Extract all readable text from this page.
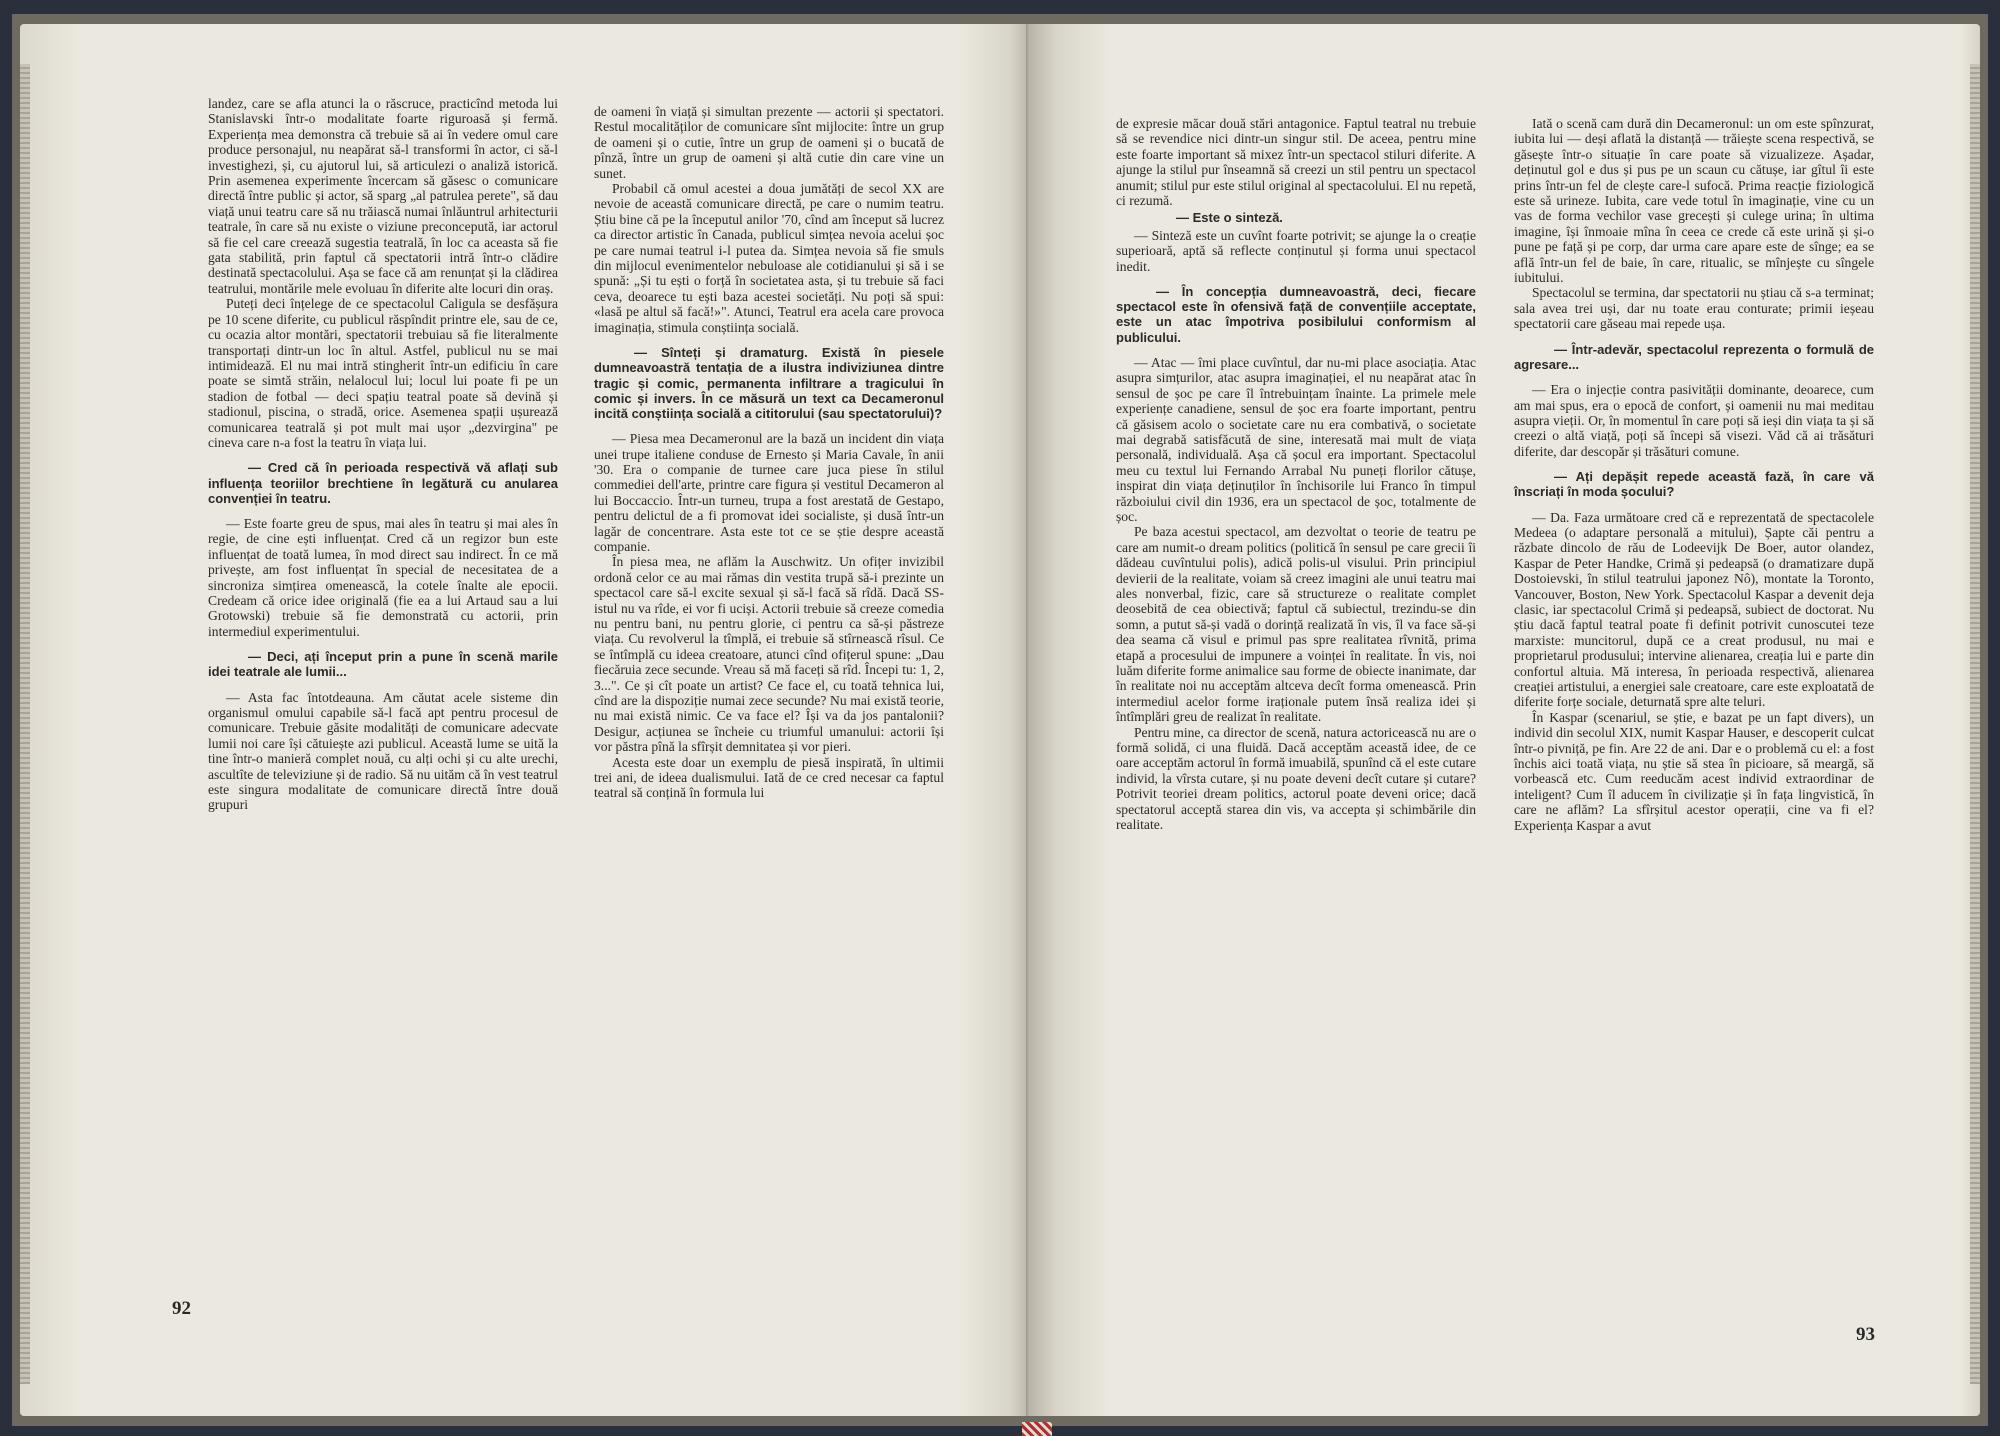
landez, care se afla atunci la o răscruce, practicînd metoda lui Stanislavski într-o modalitate foarte riguroasă și fermă. Experiența mea demonstra că trebuie să ai în vedere omul care produce personajul, nu neapărat să-l transformi în actor, ci să-l investighezi, și, cu ajutorul lui, să articulezi o analiză istorică. Prin asemenea experimente încercam să găsesc o comunicare directă între public și actor, să sparg „al patrulea perete", să dau viață unui teatru care să nu trăiască numai înlăuntrul arhitecturii teatrale, în care să nu existe o viziune preconcepută, iar actorul să fie cel care creează sugestia teatrală, în loc ca aceasta să fie gata stabilită, prin faptul că spectatorii intră într-o clădire destinată spectacolului. Așa se face că am renunțat și la clădirea teatrului, montările mele evoluau în diferite alte locuri din oraș.

Puteți deci înțelege de ce spectacolul Caligula se desfășura pe 10 scene diferite, cu publicul răspîndit printre ele, sau de ce, cu ocazia altor montări, spectatorii trebuiau să fie literalmente transportați dintr-un loc în altul. Astfel, publicul nu se mai intimidează. El nu mai intră stingherit într-un edificiu în care poate se simtă străin, nelalocul lui; locul lui poate fi pe un stadion de fotbal — deci spațiu teatral poate să devină și stadionul, piscina, o stradă, orice. Asemenea spații ușurează comunicarea teatrală și pot mult mai ușor „dezvirgina" pe cineva care n-a fost la teatru în viața lui.

— Cred că în perioada respectivă vă aflați sub influența teoriilor brechtiene în legătură cu anularea convenției în teatru.

— Este foarte greu de spus, mai ales în teatru și mai ales în regie, de cine ești influențat. Cred că un regizor bun este influențat de toată lumea, în mod direct sau indirect. În ce mă privește, am fost influențat în special de necesitatea de a sincroniza simțirea omenească, la cotele înalte ale epocii. Credeam că orice idee originală (fie ea a lui Artaud sau a lui Grotowski) trebuie să fie demonstrată cu actorii, prin intermediul experimentului.

— Deci, ați început prin a pune în scenă marile idei teatrale ale lumii...

— Asta fac întotdeauna. Am căutat acele sisteme din organismul omului capabile să-l facă apt pentru procesul de comunicare. Trebuie găsite modalități de comunicare adecvate lumii noi care își cătuiește azi publicul. Această lume se uită la tine într-o manieră complet nouă, cu alți ochi și cu alte urechi, ascultîte de televiziune și de radio. Să nu uităm că în vest teatrul este singura modalitate de comunicare directă între două grupuri

de oameni în viață și simultan prezente — actorii și spectatori. Restul mocalităților de comunicare sînt mijlocite: între un grup de oameni și o cutie, între un grup de oameni și o bucată de pînză, între un grup de oameni și altă cutie din care vine un sunet.

Probabil că omul acestei a doua jumătăți de secol XX are nevoie de această comunicare directă, pe care o numim teatru. Știu bine că pe la începutul anilor '70, cînd am început să lucrez ca director artistic în Canada, publicul simțea nevoia acelui șoc pe care numai teatrul i-l putea da. Simțea nevoia să fie smuls din mijlocul evenimentelor nebuloase ale cotidianului și să i se spună: „Și tu ești o forță în societatea asta, și tu trebuie să faci ceva, deoarece tu ești baza acestei societăți. Nu poți să spui: «lasă pe altul să facă!»". Atunci, Teatrul era acela care provoca imaginația, stimula conștiința socială.

— Sînteți și dramaturg. Există în piesele dumneavoastră tentația de a ilustra indiviziunea dintre tragic și comic, permanenta infiltrare a tragicului în comic și invers. În ce măsură un text ca Decameronul incită conștiința socială a cititorului (sau spectatorului)?

— Piesa mea Decameronul are la bază un incident din viața unei trupe italiene conduse de Ernesto și Maria Cavale, în anii '30. Era o companie de turnee care juca piese în stilul commediei dell'arte, printre care figura și vestitul Decameron al lui Boccaccio. Într-un turneu, trupa a fost arestată de Gestapo, pentru delictul de a fi promovat idei socialiste, și dusă într-un lagăr de concentrare. Asta este tot ce se știe despre această companie.

În piesa mea, ne aflăm la Auschwitz. Un ofițer invizibil ordonă celor ce au mai rămas din vestita trupă să-i prezinte un spectacol care să-l excite sexual și să-l facă să rîdă. Dacă SS-istul nu va rîde, ei vor fi uciși. Actorii trebuie să creeze comedia nu pentru bani, nu pentru glorie, ci pentru ca să-și păstreze viața. Cu revolverul la tîmplă, ei trebuie să stîrnească rîsul. Ce se întîmplă cu ideea creatoare, atunci cînd ofițerul spune: „Dau fiecăruia zece secunde. Vreau să mă faceți să rîd. Începi tu: 1, 2, 3...". Ce și cît poate un artist? Ce face el, cu toată tehnica lui, cînd are la dispoziție numai zece secunde? Nu mai există teorie, nu mai există nimic. Ce va face el? Își va da jos pantalonii? Desigur, acțiunea se încheie cu triumful umanului: actorii își vor păstra pînă la sfîrșit demnitatea și vor pieri.

Acesta este doar un exemplu de piesă inspirată, în ultimii trei ani, de ideea dualismului. Iată de ce cred necesar ca faptul teatral să conțină în formula lui

92

de expresie măcar două stări antagonice. Faptul teatral nu trebuie să se revendice nici dintr-un singur stil. De aceea, pentru mine este foarte important să mixez într-un spectacol stiluri diferite. A ajunge la stilul pur înseamnă să creezi un stil pentru un spectacol anumit; stilul pur este stilul original al spectacolului. El nu repetă, ci rezumă.

— Este o sinteză.

— Sinteză este un cuvînt foarte potrivit; se ajunge la o creație superioară, aptă să reflecte conținutul și forma unui spectacol inedit.

— În concepția dumneavoastră, deci, fiecare spectacol este în ofensivă față de convențiile acceptate, este un atac împotriva posibilului conformism al publicului.

— Atac — îmi place cuvîntul, dar nu-mi place asociația. Atac asupra simțurilor, atac asupra imaginației, el nu neapărat atac în sensul de șoc pe care îl întrebuințam înainte. La primele mele experiențe canadiene, sensul de șoc era foarte important, pentru că găsisem acolo o societate care nu era combativă, o societate mai degrabă satisfăcută de sine, interesată mai mult de viața personală, individuală. Așa că șocul era important. Spectacolul meu cu textul lui Fernando Arrabal Nu puneți florilor cătușe, inspirat din viața deținuților în închisorile lui Franco în timpul războiului civil din 1936, era un spectacol de șoc, totalmente de șoc.

Pe baza acestui spectacol, am dezvoltat o teorie de teatru pe care am numit-o dream politics (politică în sensul pe care grecii îi dădeau cuvîntului polis), adică polis-ul visului. Prin principiul devierii de la realitate, voiam să creez imagini ale unui teatru mai ales nonverbal, fizic, care să structureze o realitate complet deosebită de cea obiectivă; faptul că subiectul, trezindu-se din somn, a putut să-și vadă o dorință realizată în vis, îl va face să-și dea seama că visul e primul pas spre realitatea rîvnită, prima etapă a procesului de impunere a voinței în realitate. În vis, noi luăm diferite forme animalice sau forme de obiecte inanimate, dar în realitate noi nu acceptăm altceva decît forma omenească. Prin intermediul acelor forme iraționale putem însă realiza idei și întîmplări greu de realizat în realitate.

Pentru mine, ca director de scenă, natura actoricească nu are o formă solidă, ci una fluidă. Dacă acceptăm această idee, de ce oare acceptăm actorul în formă imuabilă, spunînd că el este cutare individ, la vîrsta cutare, și nu poate deveni decît cutare și cutare? Potrivit teoriei dream politics, actorul poate deveni orice; dacă spectatorul acceptă starea din vis, va accepta și schimbările din realitate.

Iată o scenă cam dură din Decameronul: un om este spînzurat, iubita lui — deși aflată la distanță — trăiește scena respectivă, se găsește într-o situație în care poate să vizualizeze. Așadar, deținutul gol e dus și pus pe un scaun cu cătușe, iar gîtul îi este prins într-un fel de clește care-l sufocă. Prima reacție fiziologică este să urineze. Iubita, care vede totul în imaginație, vine cu un vas de forma vechilor vase grecești și culege urina; în ultima imagine, își înmoaie mîna în ceea ce crede că este urină și și-o pune pe față și pe corp, dar urma care apare este de sînge; ea se află într-un fel de baie, în care, ritualic, se mînjește cu sîngele iubitului.

Spectacolul se termina, dar spectatorii nu știau că s-a terminat; sala avea trei uși, dar nu toate erau conturate; primii ieșeau spectatorii care găseau mai repede ușa.

— Într-adevăr, spectacolul reprezenta o formulă de agresare...

— Era o injecție contra pasivității dominante, deoarece, cum am mai spus, era o epocă de confort, și oamenii nu mai meditau asupra vieții. Or, în momentul în care poți să ieși din viața ta și să creezi o altă viață, poți să începi să visezi. Văd că ai trăsături diferite, dar descopăr și trăsături comune.

— Ați depășit repede această fază, în care vă înscriați în moda șocului?

— Da. Faza următoare cred că e reprezentată de spectacolele Medeea (o adaptare personală a mitului), Șapte căi pentru a răzbate dincolo de rău de Lodeevijk De Boer, autor olandez, Kaspar de Peter Handke, Crimă și pedeapsă (o dramatizare după Dostoievski, în stilul teatrului japonez Nô), montate la Toronto, Vancouver, Boston, New York. Spectacolul Kaspar a devenit deja clasic, iar spectacolul Crimă și pedeapsă, subiect de doctorat. Nu știu dacă faptul teatral poate fi definit potrivit cunoscutei teze marxiste: muncitorul, după ce a creat produsul, nu mai e proprietarul produsului; intervine alienarea, creația lui e parte din confortul altuia. Mă interesa, în perioada respectivă, alienarea creației artistului, a energiei sale creatoare, care este exploatată de diferite forțe sociale, deturnată spre alte teluri.

În Kaspar (scenariul, se știe, e bazat pe un fapt divers), un individ din secolul XIX, numit Kaspar Hauser, e descoperit culcat într-o pivniță, pe fin. Are 22 de ani. Dar e o problemă cu el: a fost închis aici toată viața, nu știe să stea în picioare, să meargă, să vorbească etc. Cum reeducăm acest individ extraordinar de inteligent? Cum îl aducem în civilizație și în fața lingvistică, în care ne aflăm? La sfîrșitul acestor operații, cine va fi el? Experiența Kaspar a avut

93
